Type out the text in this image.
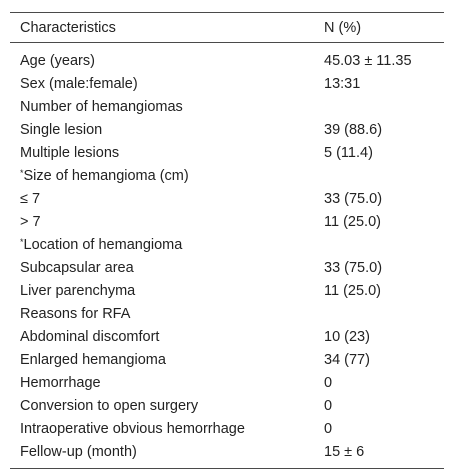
Characteristics	N (%)
Age (years)	45.03 ± 11.35
Sex (male:female)	13:31
Number of hemangiomas	
Single lesion	39 (88.6)
Multiple lesions	5 (11.4)
*Size of hemangioma (cm)	
≤ 7	33 (75.0)
> 7	11 (25.0)
*Location of hemangioma	
Subcapsular area	33 (75.0)
Liver parenchyma	11 (25.0)
Reasons for RFA	
Abdominal discomfort	10 (23)
Enlarged hemangioma	34 (77)
Hemorrhage	0
Conversion to open surgery	0
Intraoperative obvious hemorrhage	0
Fellow-up (month)	15 ± 6
